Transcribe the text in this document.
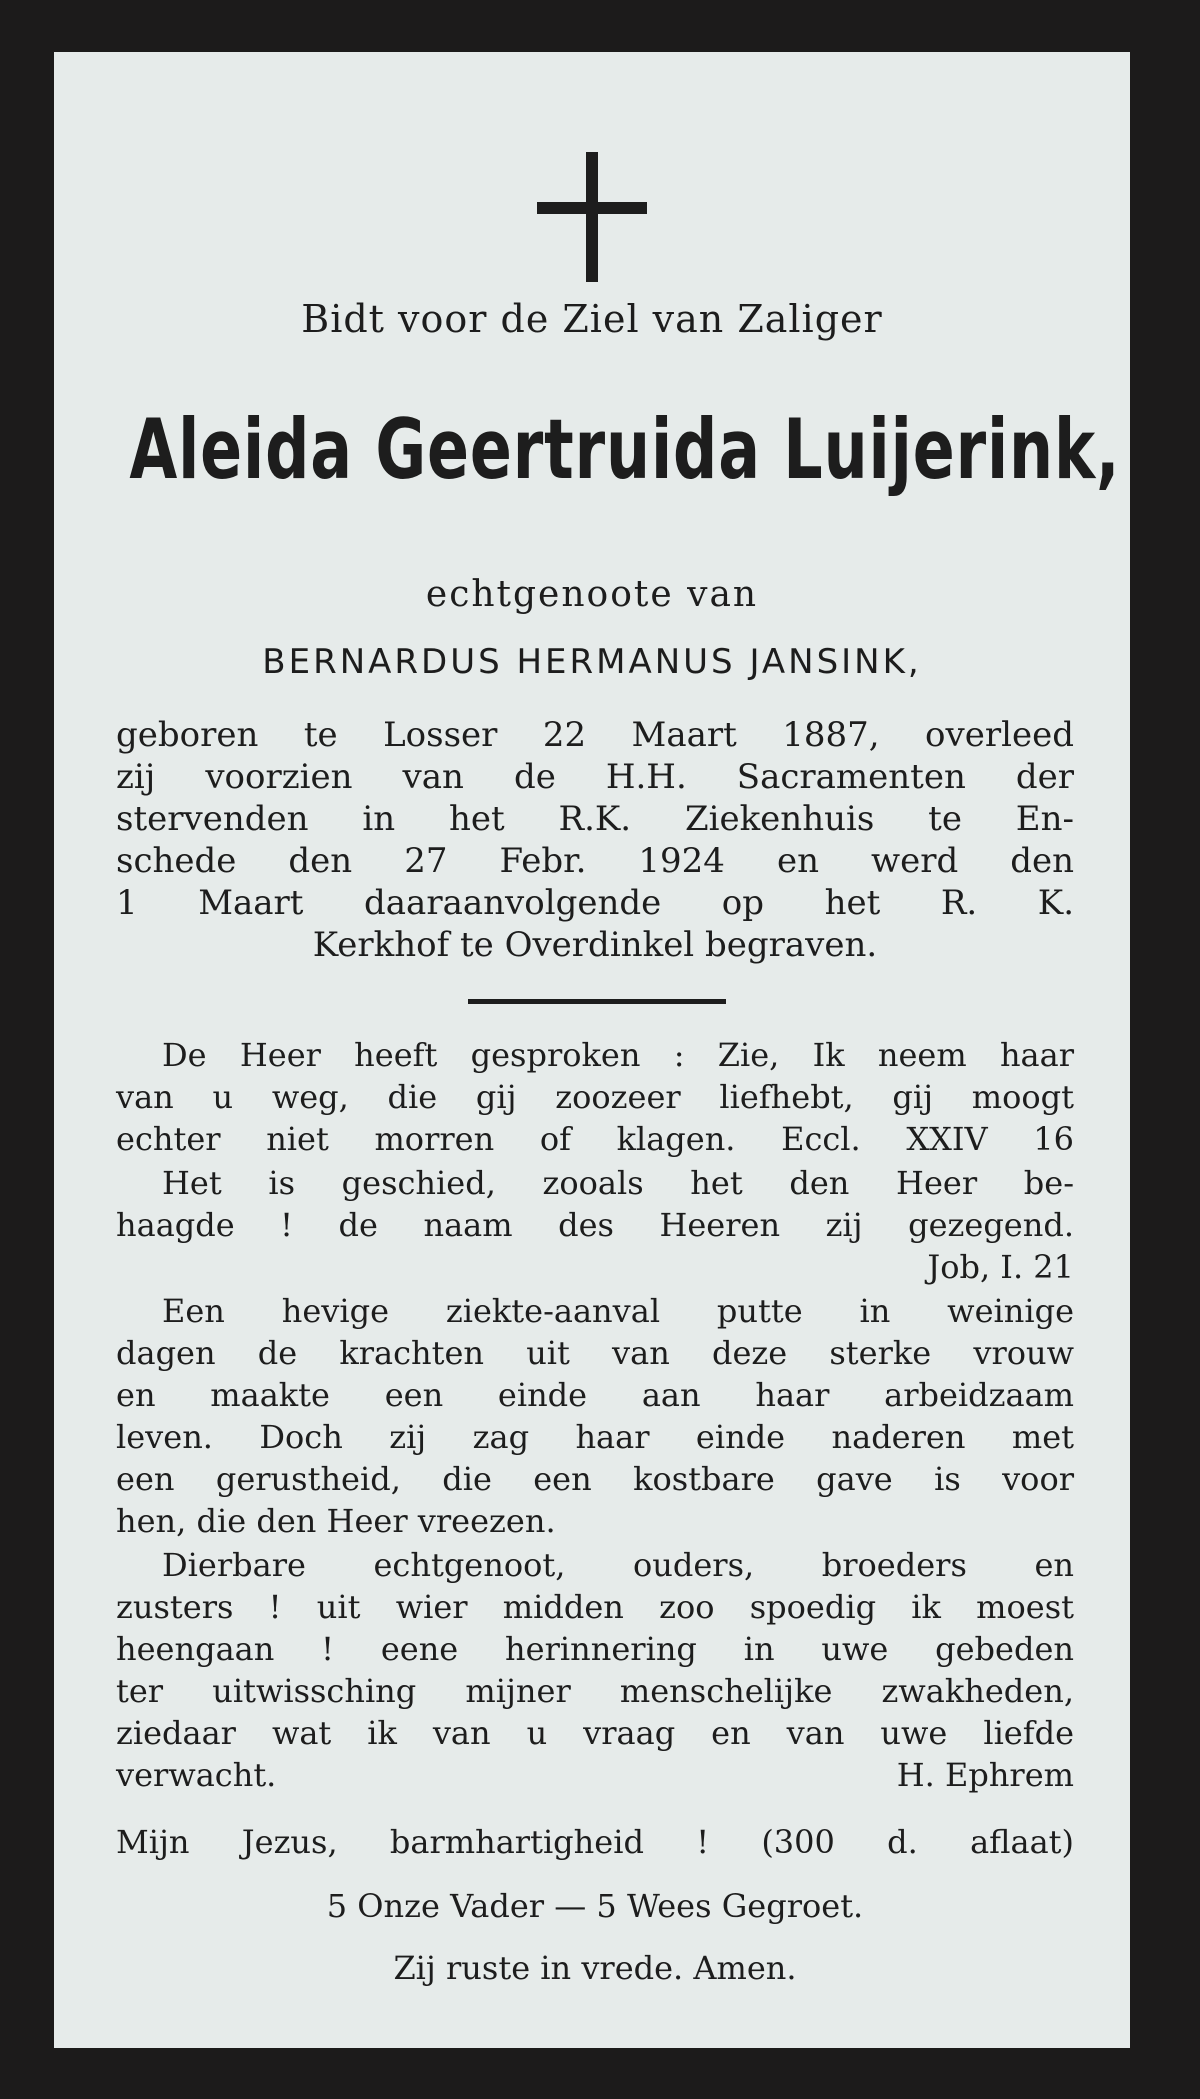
Bidt voor de Ziel van Zaliger
Aleida Geertruida Luijerink,
echtgenoote van
BERNARDUS HERMANUS JANSINK,
geboren te Losser 22 Maart 1887, overleed
zij voorzien van de H.H. Sacramenten der
stervenden in het R.K. Ziekenhuis te En-
schede den 27 Febr. 1924 en werd den
1 Maart daaraanvolgende op het R. K.
Kerkhof te Overdinkel begraven.
De Heer heeft gesproken : Zie, Ik neem haar
van u weg, die gij zoozeer liefhebt, gij moogt
echter niet morren of klagen. Eccl. XXIV 16
Het is geschied, zooals het den Heer be-
haagde ! de naam des Heeren zij gezegend.
Job, I. 21
Een hevige ziekte-aanval putte in weinige
dagen de krachten uit van deze sterke vrouw
en maakte een einde aan haar arbeidzaam
leven. Doch zij zag haar einde naderen met
een gerustheid, die een kostbare gave is voor
hen, die den Heer vreezen.
Dierbare echtgenoot, ouders, broeders en
zusters ! uit wier midden zoo spoedig ik moest
heengaan ! eene herinnering in uwe gebeden
ter uitwissching mijner menschelijke zwakheden,
ziedaar wat ik van u vraag en van uwe liefde
verwacht.	H. Ephrem
Mijn Jezus, barmhartigheid ! (300 d. aflaat)
5 Onze Vader — 5 Wees Gegroet.
Zij ruste in vrede. Amen.
